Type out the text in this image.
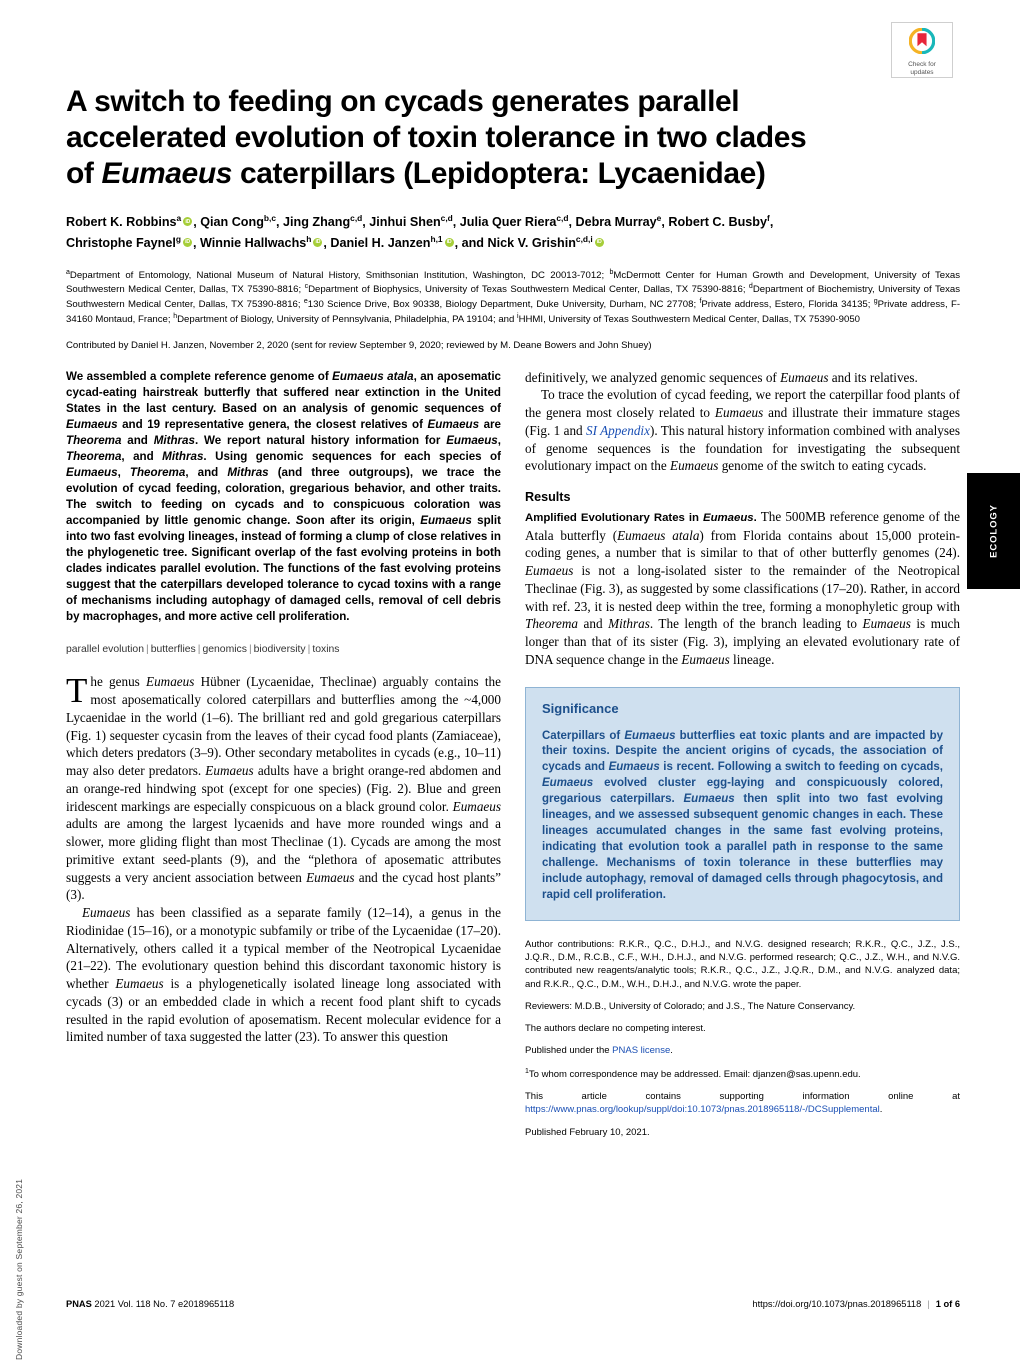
Downloaded by guest on September 26, 2021
ECOLOGY
Check for
updates
A switch to feeding on cycads generates parallel
accelerated evolution of toxin tolerance in two clades
of Eumaeus caterpillars (Lepidoptera: Lycaenidae)
Robert K. Robbins$^a$ iD , Qian Cong$^{b,c}$, Jing Zhang$^{c,d}$, Jinhui Shen$^{c,d}$, Julia Quer Riera$^{c,d}$, Debra Murray$^e$, Robert C. Busby$^f$,
Christophe Faynel$^g$ iD , Winnie Hallwachs$^h$ iD , Daniel H. Janzen$^{h,1}$ iD , and Nick V. Grishin$^{c,d,i}$iD
$^a$Department of Entomology, National Museum of Natural History, Smithsonian Institution, Washington, DC 20013-7012; $^b$McDermott Center for Human Growth and Development, University of Texas Southwestern Medical Center, Dallas, TX 75390-8816; $^c$Department of Biophysics, University of Texas Southwestern Medical Center, Dallas, TX 75390-8816; $^d$Department of Biochemistry, University of Texas Southwestern Medical Center, Dallas, TX 75390-8816; $^e$130 Science Drive, Box 90338, Biology Department, Duke University, Durham, NC 27708; $^f$Private address, Estero, Florida 34135; $^g$Private address, F-34160 Montaud, France; $^h$Department of Biology, University of Pennsylvania, Philadelphia, PA 19104; and $^i$HHMI, University of Texas Southwestern Medical Center, Dallas, TX 75390-9050
Contributed by Daniel H. Janzen, November 2, 2020 (sent for review September 9, 2020; reviewed by M. Deane Bowers and John Shuey)
We assembled a complete reference genome of Eumaeus atala, an aposematic cycad-eating hairstreak butterfly that suffered near extinction in the United States in the last century. Based on an analysis of genomic sequences of Eumaeus and 19 representative genera, the closest relatives of Eumaeus are Theorema and Mithras. We report natural history information for Eumaeus, Theorema, and Mithras. Using genomic sequences for each species of Eumaeus, Theorema, and Mithras (and three outgroups), we trace the evolution of cycad feeding, coloration, gregarious behavior, and other traits. The switch to feeding on cycads and to conspicuous coloration was accompanied by little genomic change. Soon after its origin, Eumaeus split into two fast evolving lineages, instead of forming a clump of close relatives in the phylogenetic tree. Significant overlap of the fast evolving proteins in both clades indicates parallel evolution. The functions of the fast evolving proteins suggest that the caterpillars developed tolerance to cycad toxins with a range of mechanisms including autophagy of damaged cells, removal of cell debris by macrophages, and more active cell proliferation.
parallel evolution | butterflies | genomics | biodiversity | toxins

The genus Eumaeus Hübner (Lycaenidae, Theclinae) arguably contains the most aposematically colored caterpillars and butterflies among the ~4,000 Lycaenidae in the world (1–6). The brilliant red and gold gregarious caterpillars (Fig. 1) sequester cycasin from the leaves of their cycad food plants (Zamiaceae), which deters predators (3–9). Other secondary metabolites in cycads (e.g., 10–11) may also deter predators. Eumaeus adults have a bright orange-red abdomen and an orange-red hindwing spot (except for one species) (Fig. 2). Blue and green iridescent markings are especially conspicuous on a black ground color. Eumaeus adults are among the largest lycaenids and have more rounded wings and a slower, more gliding flight than most Theclinae (1). Cycads are among the most primitive extant seed-plants (9), and the “plethora of aposematic attributes suggests a very ancient association between Eumaeus and the cycad host plants” (3).

Eumaeus has been classified as a separate family (12–14), a genus in the Riodinidae (15–16), or a monotypic subfamily or tribe of the Lycaenidae (17–20). Alternatively, others called it a typical member of the Neotropical Lycaenidae (21–22). The evolutionary question behind this discordant taxonomic history is whether Eumaeus is a phylogenetically isolated lineage long associated with cycads (3) or an embedded clade in which a recent food plant shift to cycads resulted in the rapid evolution of aposematism. Recent molecular evidence for a limited number of taxa suggested the latter (23). To answer this question

definitively, we analyzed genomic sequences of Eumaeus and its relatives.

To trace the evolution of cycad feeding, we report the caterpillar food plants of the genera most closely related to Eumaeus and illustrate their immature stages (Fig. 1 and SI Appendix). This natural history information combined with analyses of genome sequences is the foundation for investigating the subsequent evolutionary impact on the Eumaeus genome of the switch to eating cycads.

Results

Amplified Evolutionary Rates in Eumaeus. The 500MB reference genome of the Atala butterfly (Eumaeus atala) from Florida contains about 15,000 protein-coding genes, a number that is similar to that of other butterfly genomes (24). Eumaeus is not a long-isolated sister to the remainder of the Neotropical Theclinae (Fig. 3), as suggested by some classifications (17–20). Rather, in accord with ref. 23, it is nested deep within the tree, forming a monophyletic group with Theorema and Mithras. The length of the branch leading to Eumaeus is much longer than that of its sister (Fig. 3), implying an elevated evolutionary rate of DNA sequence change in the Eumaeus lineage.

Significance

Caterpillars of Eumaeus butterflies eat toxic plants and are impacted by their toxins. Despite the ancient origins of cycads, the association of cycads and Eumaeus is recent. Following a switch to feeding on cycads, Eumaeus evolved cluster egg-laying and conspicuously colored, gregarious caterpillars. Eumaeus then split into two fast evolving lineages, and we assessed subsequent genomic changes in each. These lineages accumulated changes in the same fast evolving proteins, indicating that evolution took a parallel path in response to the same challenge. Mechanisms of toxin tolerance in these butterflies may include autophagy, removal of damaged cells through phagocytosis, and rapid cell proliferation.

Author contributions: R.K.R., Q.C., D.H.J., and N.V.G. designed research; R.K.R., Q.C., J.Z., J.S., J.Q.R., D.M., R.C.B., C.F., W.H., D.H.J., and N.V.G. performed research; Q.C., J.Z., W.H., and N.V.G. contributed new reagents/analytic tools; R.K.R., Q.C., J.Z., J.Q.R., D.M., and N.V.G. analyzed data; and R.K.R., Q.C., D.M., W.H., D.H.J., and N.V.G. wrote the paper.

Reviewers: M.D.B., University of Colorado; and J.S., The Nature Conservancy.

The authors declare no competing interest.

Published under the PNAS license.

$^1$To whom correspondence may be addressed. Email: djanzen@sas.upenn.edu.

This article contains supporting information online at https://www.pnas.org/lookup/suppl/doi:10.1073/pnas.2018965118/-/DCSupplemental.

Published February 10, 2021.

PNAS 2021 Vol. 118 No. 7 e2018965118	https://doi.org/10.1073/pnas.2018965118 | 1 of 6
